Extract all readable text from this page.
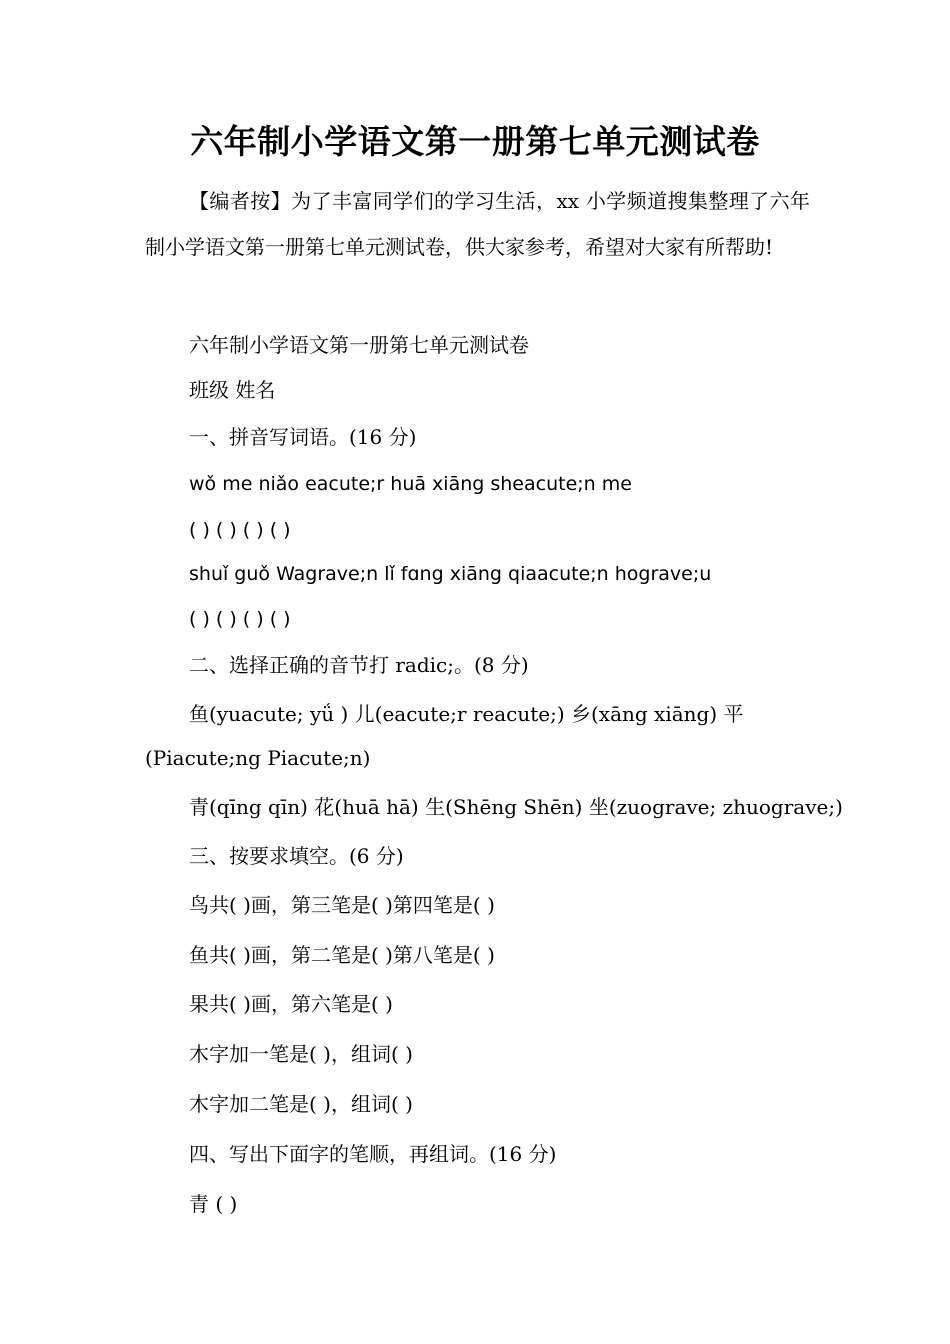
六年制小学语文第一册第七单元测试卷
【编者按】为了丰富同学们的学习生活，xx 小学频道搜集整理了六年制小学语文第一册第七单元测试卷，供大家参考，希望对大家有所帮助!
六年制小学语文第一册第七单元测试卷
班级 姓名
一、拼音写词语。(16 分)
wǒ me niǎo eacute;r huā xiāng sheacute;n me
( ) ( ) ( ) ( )
shuǐ guǒ Wagrave;n lǐ fɑng xiāng qiaacute;n hograve;u
( ) ( ) ( ) ( )
二、选择正确的音节打 radic;。(8 分)
鱼(yuacute; yǘ ) 儿(eacute;r reacute;) 乡(xāng xiāng) 平(Piacute;ng Piacute;n)
青(qīng qīn) 花(huā hā) 生(Shēng Shēn) 坐(zuograve; zhuograve;)
三、按要求填空。(6 分)
鸟共( )画，第三笔是( )第四笔是( )
鱼共( )画，第二笔是( )第八笔是( )
果共( )画，第六笔是( )
木字加一笔是( )，组词( )
木字加二笔是( )，组词( )
四、写出下面字的笔顺，再组词。(16 分)
青 ( )
